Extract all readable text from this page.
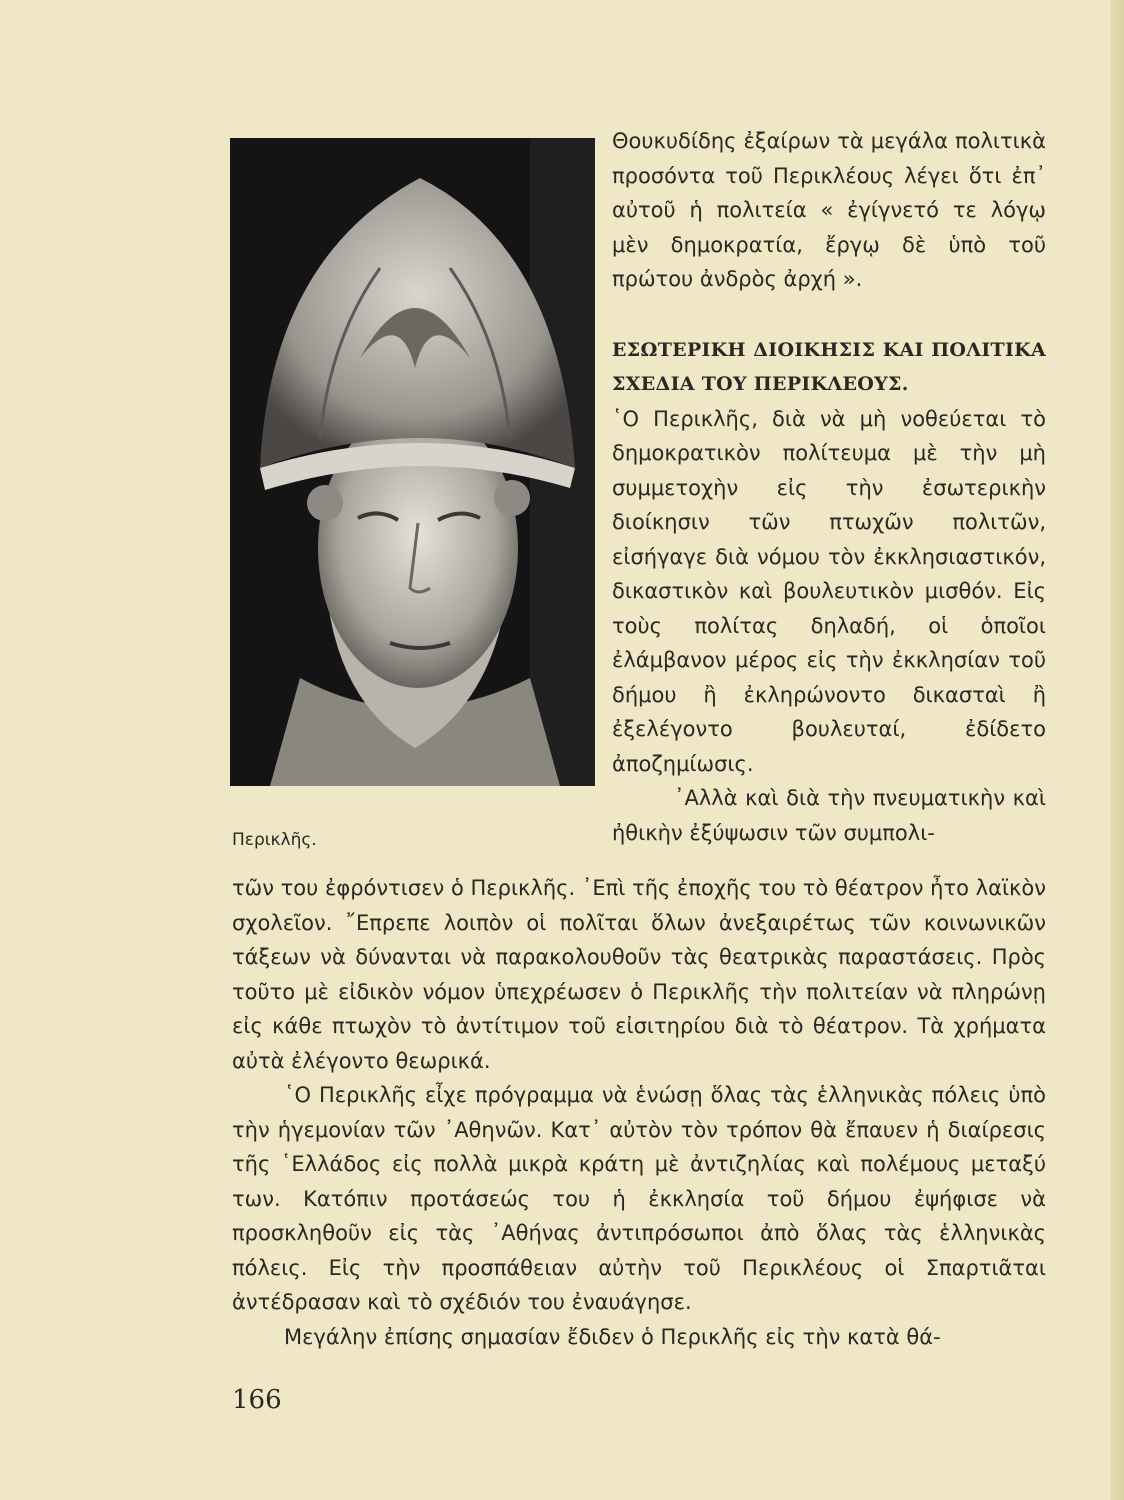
Περικλῆς.

Θουκυδίδης ἐξαίρων τὰ μεγάλα πολιτικὰ προσόντα τοῦ Περικλέους λέγει ὅτι ἐπ᾿ αὐτοῦ ἡ πολιτεία « ἐγίγνετό τε λόγῳ μὲν δημοκρατία, ἔργῳ δὲ ὑπὸ τοῦ πρώτου ἀνδρὸς ἀρχή ».

ΕΣΩΤΕΡΙΚΗ ΔΙΟΙΚΗΣΙΣ ΚΑΙ ΠΟΛΙΤΙΚΑ ΣΧΕΔΙΑ ΤΟΥ ΠΕΡΙΚΛΕΟΥΣ.

῾Ο Περικλῆς, διὰ νὰ μὴ νοθεύεται τὸ δημοκρατικὸν πολίτευμα μὲ τὴν μὴ συμμετοχὴν εἰς τὴν ἐσωτερικὴν διοίκησιν τῶν πτωχῶν πολιτῶν, εἰσήγαγε διὰ νόμου τὸν ἐκκλησιαστικόν, δικαστικὸν καὶ βουλευτικὸν μισθόν. Εἰς τοὺς πολίτας δηλαδή, οἱ ὁποῖοι ἐλάμβανον μέρος εἰς τὴν ἐκκλησίαν τοῦ δήμου ἢ ἐκληρώνοντο δικασταὶ ἢ ἐξελέγοντο βουλευταί, ἐδίδετο ἀποζημίωσις.

᾿Αλλὰ καὶ διὰ τὴν πνευματικὴν καὶ ἠθικὴν ἐξύψωσιν τῶν συμπολι-

τῶν του ἐφρόντισεν ὁ Περικλῆς. ᾿Επὶ τῆς ἐποχῆς του τὸ θέατρον ἦτο λαϊκὸν σχολεῖον. ῎Επρεπε λοιπὸν οἱ πολῖται ὅλων ἀνεξαιρέτως τῶν κοινωνικῶν τάξεων νὰ δύνανται νὰ παρακολουθοῦν τὰς θεατρικὰς παραστάσεις. Πρὸς τοῦτο μὲ εἰδικὸν νόμον ὑπεχρέωσεν ὁ Περικλῆς τὴν πολιτείαν νὰ πληρώνῃ εἰς κάθε πτωχὸν τὸ ἀντίτιμον τοῦ εἰσιτηρίου διὰ τὸ θέατρον. Τὰ χρήματα αὐτὰ ἐλέγοντο θεωρικά.

῾Ο Περικλῆς εἶχε πρόγραμμα νὰ ἑνώσῃ ὅλας τὰς ἑλληνικὰς πόλεις ὑπὸ τὴν ἡγεμονίαν τῶν ᾿Αθηνῶν. Κατ᾿ αὐτὸν τὸν τρόπον θὰ ἔπαυεν ἡ διαίρεσις τῆς ῾Ελλάδος εἰς πολλὰ μικρὰ κράτη μὲ ἀντιζηλίας καὶ πολέμους μεταξύ των. Κατόπιν προτάσεώς του ἡ ἐκκλησία τοῦ δήμου ἐψήφισε νὰ προσκληθοῦν εἰς τὰς ᾿Αθήνας ἀντιπρόσωποι ἀπὸ ὅλας τὰς ἑλληνικὰς πόλεις. Εἰς τὴν προσπάθειαν αὐτὴν τοῦ Περικλέους οἱ Σπαρτιᾶται ἀντέδρασαν καὶ τὸ σχέδιόν του ἐναυάγησε.

Μεγάλην ἐπίσης σημασίαν ἔδιδεν ὁ Περικλῆς εἰς τὴν κατὰ θά-

166
